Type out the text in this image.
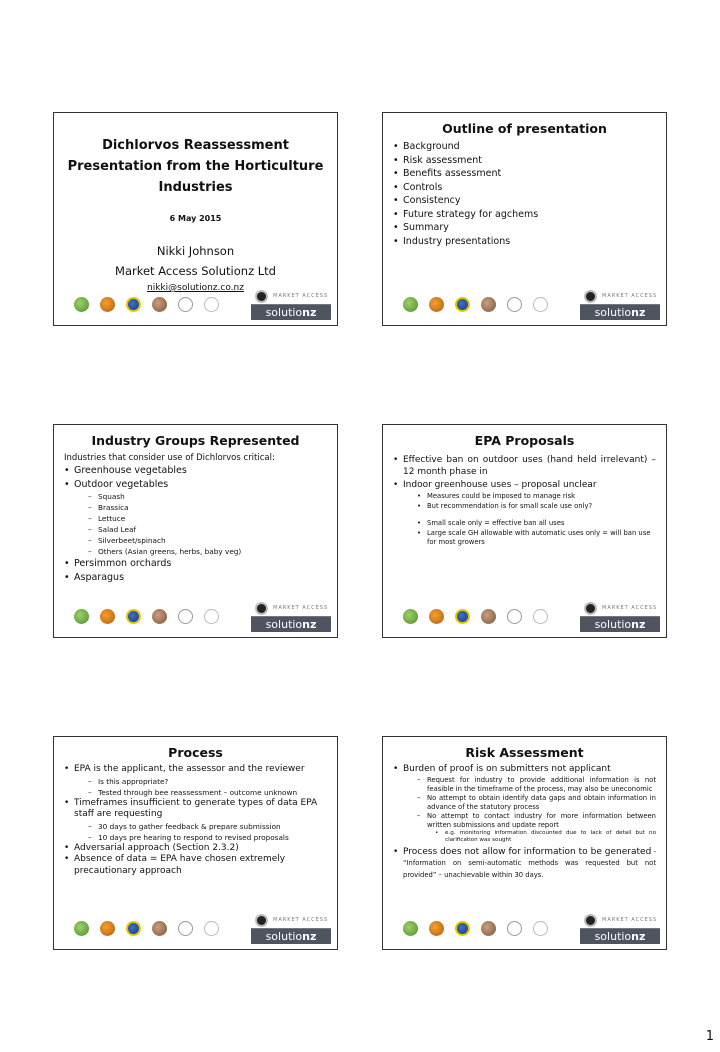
Dichlorvos Reassessment
Presentation from the Horticulture
Industries
6 May 2015
Nikki Johnson
Market Access Solutionz Ltd
nikki@solutionz.co.nz
MARKET ACCESS
solutionz
Outline of presentation
• Background
• Risk assessment
• Benefits assessment
• Controls
• Consistency
• Future strategy for agchems
• Summary
• Industry presentations
MARKET ACCESS
solutionz
Industry Groups Represented
Industries that consider use of Dichlorvos critical:
• Greenhouse vegetables
• Outdoor vegetables
– Squash
– Brassica
– Lettuce
– Salad Leaf
– Silverbeet/spinach
– Others (Asian greens, herbs, baby veg)
• Persimmon orchards
• Asparagus
MARKET ACCESS
solutionz
EPA Proposals
• Effective ban on outdoor uses (hand held irrelevant) – 12 month phase in
• Indoor greenhouse uses – proposal unclear
• Measures could be imposed to manage risk
• But recommendation is for small scale use only?
• Small scale only = effective ban all uses
• Large scale GH allowable with automatic uses only = will ban use for most growers
MARKET ACCESS
solutionz
Process
• EPA is the applicant, the assessor and the reviewer
– Is this appropriate?
– Tested through bee reassessment – outcome unknown
• Timeframes insufficient to generate types of data EPA staff are requesting
– 30 days to gather feedback & prepare submission
– 10 days pre hearing to respond to revised proposals
• Adversarial approach (Section 2.3.2)
• Absence of data = EPA have chosen extremely precautionary approach
MARKET ACCESS
solutionz
Risk Assessment
• Burden of proof is on submitters not applicant
– Request for industry to provide additional information is not feasible in the timeframe of the process, may also be uneconomic
– No attempt to obtain identify data gaps and obtain information in advance of the statutory process
– No attempt to contact industry for more information between written submissions and update report
• e.g. monitoring information discounted due to lack of detail but no clarification was sought
• Process does not allow for information to be generated - “Information on semi-automatic methods was requested but not provided” – unachievable within 30 days.
MARKET ACCESS
solutionz
1
